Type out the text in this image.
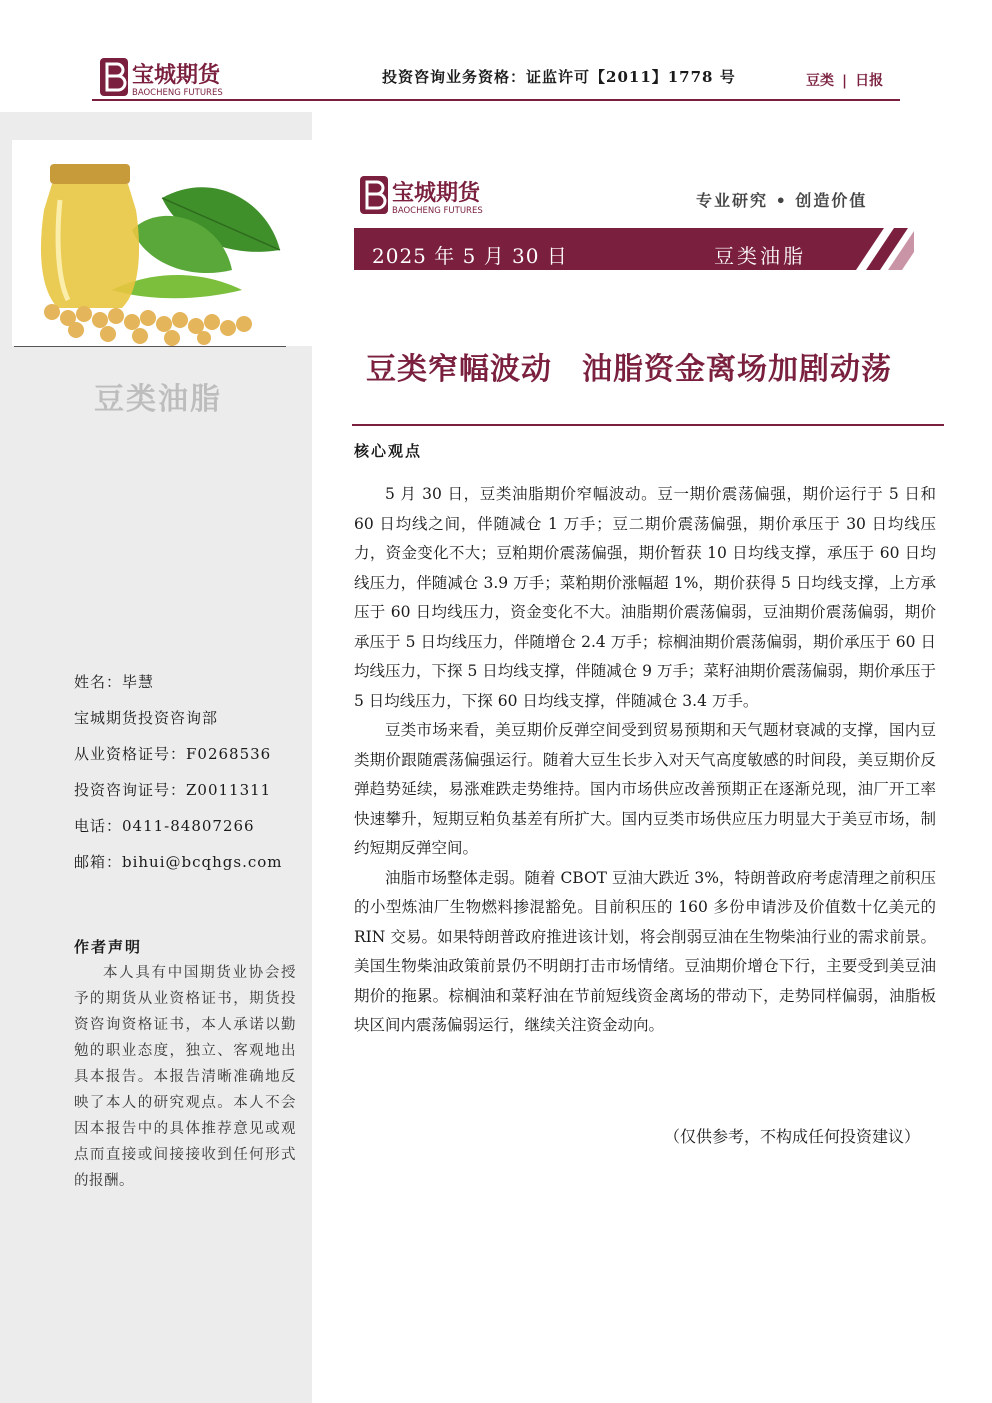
宝城期货
BAOCHENG FUTURES
投资咨询业务资格：证监许可【2011】1778 号	豆类 | 日报
豆类油脂
姓名：毕慧
宝城期货投资咨询部
从业资格证号：F0268536
投资咨询证号：Z0011311
电话：0411-84807266
邮箱：bihui@bcqhgs.com
作者声明
本人具有中国期货业协会授予的期货从业资格证书，期货投资咨询资格证书，本人承诺以勤勉的职业态度，独立、客观地出具本报告。本报告清晰准确地反映了本人的研究观点。本人不会因本报告中的具体推荐意见或观点而直接或间接接收到任何形式的报酬。
宝城期货
BAOCHENG FUTURES
专业研究 • 创造价值
2025 年 5 月 30 日	豆类油脂
豆类窄幅波动 油脂资金离场加剧动荡
核心观点

5 月 30 日，豆类油脂期价窄幅波动。豆一期价震荡偏强，期价运行于 5 日和 60 日均线之间，伴随减仓 1 万手；豆二期价震荡偏强，期价承压于 30 日均线压力，资金变化不大；豆粕期价震荡偏强，期价暂获 10 日均线支撑，承压于 60 日均线压力，伴随减仓 3.9 万手；菜粕期价涨幅超 1%，期价获得 5 日均线支撑，上方承压于 60 日均线压力，资金变化不大。油脂期价震荡偏弱，豆油期价震荡偏弱，期价承压于 5 日均线压力，伴随增仓 2.4 万手；棕榈油期价震荡偏弱，期价承压于 60 日均线压力，下探 5 日均线支撑，伴随减仓 9 万手；菜籽油期价震荡偏弱，期价承压于 5 日均线压力，下探 60 日均线支撑，伴随减仓 3.4 万手。

豆类市场来看，美豆期价反弹空间受到贸易预期和天气题材衰减的支撑，国内豆类期价跟随震荡偏强运行。随着大豆生长步入对天气高度敏感的时间段，美豆期价反弹趋势延续，易涨难跌走势维持。国内市场供应改善预期正在逐渐兑现，油厂开工率快速攀升，短期豆粕负基差有所扩大。国内豆类市场供应压力明显大于美豆市场，制约短期反弹空间。

油脂市场整体走弱。随着 CBOT 豆油大跌近 3%，特朗普政府考虑清理之前积压的小型炼油厂生物燃料掺混豁免。目前积压的 160 多份申请涉及价值数十亿美元的 RIN 交易。如果特朗普政府推进该计划，将会削弱豆油在生物柴油行业的需求前景。美国生物柴油政策前景仍不明朗打击市场情绪。豆油期价增仓下行，主要受到美豆油期价的拖累。棕榈油和菜籽油在节前短线资金离场的带动下，走势同样偏弱，油脂板块区间内震荡偏弱运行，继续关注资金动向。

（仅供参考，不构成任何投资建议）
